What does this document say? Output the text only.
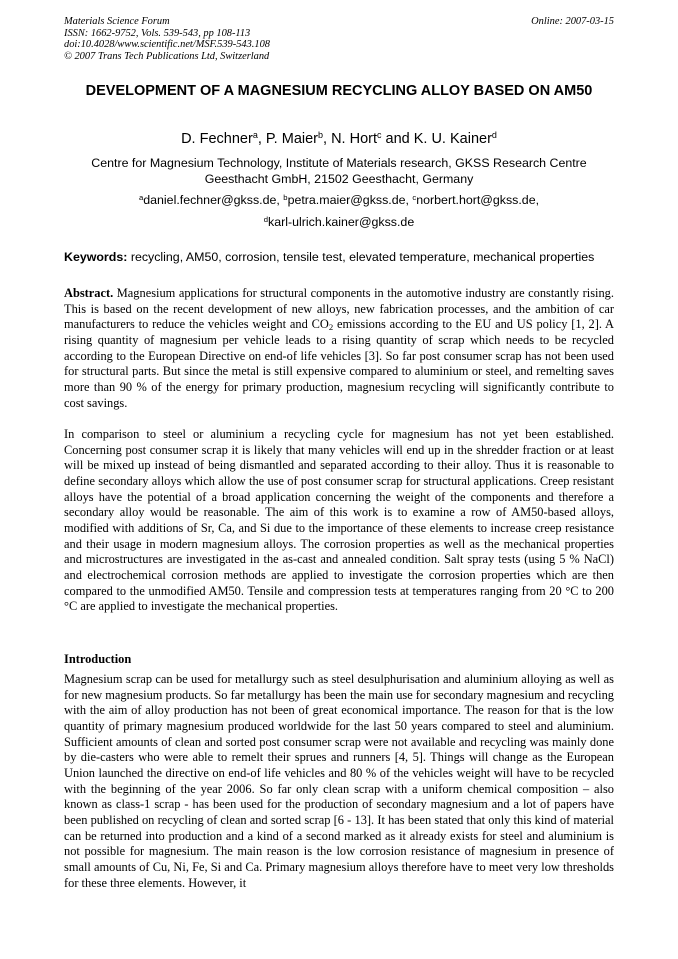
Materials Science Forum
ISSN: 1662-9752, Vols. 539-543, pp 108-113
doi:10.4028/www.scientific.net/MSF.539-543.108
© 2007 Trans Tech Publications Ltd, Switzerland
Online: 2007-03-15
DEVELOPMENT OF A MAGNESIUM RECYCLING ALLOY BASED ON AM50
D. Fechner$^a$, P. Maier$^b$, N. Hort$^c$ and K. U. Kainer$^d$
Centre for Magnesium Technology, Institute of Materials research, GKSS Research Centre Geesthacht GmbH, 21502 Geesthacht, Germany
$^a$daniel.fechner@gkss.de, $^b$petra.maier@gkss.de, $^c$norbert.hort@gkss.de,
$^d$karl-ulrich.kainer@gkss.de
Keywords: recycling, AM50, corrosion, tensile test, elevated temperature, mechanical properties

Abstract. Magnesium applications for structural components in the automotive industry are constantly rising. This is based on the recent development of new alloys, new fabrication processes, and the ambition of car manufacturers to reduce the vehicles weight and $CO_2$ emissions according to the EU and US policy [1, 2]. A rising quantity of magnesium per vehicle leads to a rising quantity of scrap which needs to be recycled according to the European Directive on end-of life vehicles [3]. So far post consumer scrap has not been used for structural parts. But since the metal is still expensive compared to aluminium or steel, and remelting saves more than 90 % of the energy for primary production, magnesium recycling will significantly contribute to cost savings.

In comparison to steel or aluminium a recycling cycle for magnesium has not yet been established. Concerning post consumer scrap it is likely that many vehicles will end up in the shredder fraction or at least will be mixed up instead of being dismantled and separated according to their alloy. Thus it is reasonable to define secondary alloys which allow the use of post consumer scrap for structural applications. Creep resistant alloys have the potential of a broad application concerning the weight of the components and therefore a secondary alloy would be reasonable. The aim of this work is to examine a row of AM50-based alloys, modified with additions of Sr, Ca, and Si due to the importance of these elements to increase creep resistance and their usage in modern magnesium alloys. The corrosion properties as well as the mechanical properties and microstructures are investigated in the as-cast and annealed condition. Salt spray tests (using 5 % NaCl) and electrochemical corrosion methods are applied to investigate the corrosion properties which are then compared to the unmodified AM50. Tensile and compression tests at temperatures ranging from 20 °C to 200 °C are applied to investigate the mechanical properties.

Introduction

Magnesium scrap can be used for metallurgy such as steel desulphurisation and aluminium alloying as well as for new magnesium products. So far metallurgy has been the main use for secondary magnesium and recycling with the aim of alloy production has not been of great economical importance. The reason for that is the low quantity of primary magnesium produced worldwide for the last 50 years compared to steel and aluminium. Sufficient amounts of clean and sorted post consumer scrap were not available and recycling was mainly done by die-casters who were able to remelt their sprues and runners [4, 5]. Things will change as the European Union launched the directive on end-of life vehicles and 80 % of the vehicles weight will have to be recycled with the beginning of the year 2006. So far only clean scrap with a uniform chemical composition – also known as class-1 scrap - has been used for the production of secondary magnesium and a lot of papers have been published on recycling of clean and sorted scrap [6 - 13]. It has been stated that only this kind of material can be returned into production and a kind of a second marked as it already exists for steel and aluminium is not possible for magnesium. The main reason is the low corrosion resistance of magnesium in presence of small amounts of Cu, Ni, Fe, Si and Ca. Primary magnesium alloys therefore have to meet very low thresholds for these three elements. However, it
